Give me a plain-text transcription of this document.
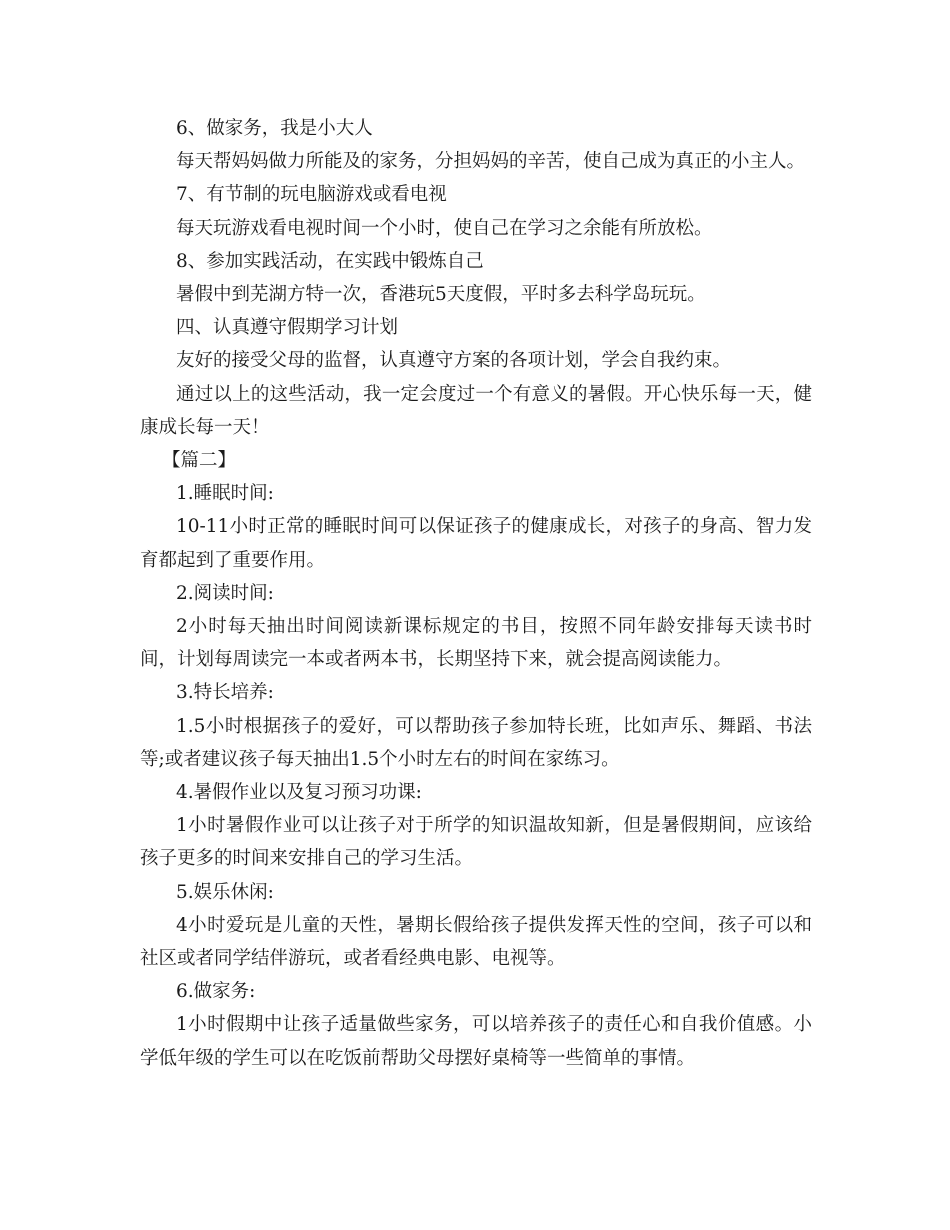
6、做家务，我是小大人

每天帮妈妈做力所能及的家务，分担妈妈的辛苦，使自己成为真正的小主人。

7、有节制的玩电脑游戏或看电视

每天玩游戏看电视时间一个小时，使自己在学习之余能有所放松。

8、参加实践活动，在实践中锻炼自己

暑假中到芜湖方特一次，香港玩5天度假，平时多去科学岛玩玩。

四、认真遵守假期学习计划

友好的接受父母的监督，认真遵守方案的各项计划，学会自我约束。

通过以上的这些活动，我一定会度过一个有意义的暑假。开心快乐每一天，健康成长每一天！

【篇二】

1.睡眠时间:

10-11小时正常的睡眠时间可以保证孩子的健康成长，对孩子的身高、智力发育都起到了重要作用。

2.阅读时间:

2小时每天抽出时间阅读新课标规定的书目，按照不同年龄安排每天读书时间，计划每周读完一本或者两本书，长期坚持下来，就会提高阅读能力。

3.特长培养:

1.5小时根据孩子的爱好，可以帮助孩子参加特长班，比如声乐、舞蹈、书法等;或者建议孩子每天抽出1.5个小时左右的时间在家练习。

4.暑假作业以及复习预习功课:

1小时暑假作业可以让孩子对于所学的知识温故知新，但是暑假期间，应该给孩子更多的时间来安排自己的学习生活。

5.娱乐休闲:

4小时爱玩是儿童的天性，暑期长假给孩子提供发挥天性的空间，孩子可以和社区或者同学结伴游玩，或者看经典电影、电视等。

6.做家务:

1小时假期中让孩子适量做些家务，可以培养孩子的责任心和自我价值感。小学低年级的学生可以在吃饭前帮助父母摆好桌椅等一些简单的事情。
